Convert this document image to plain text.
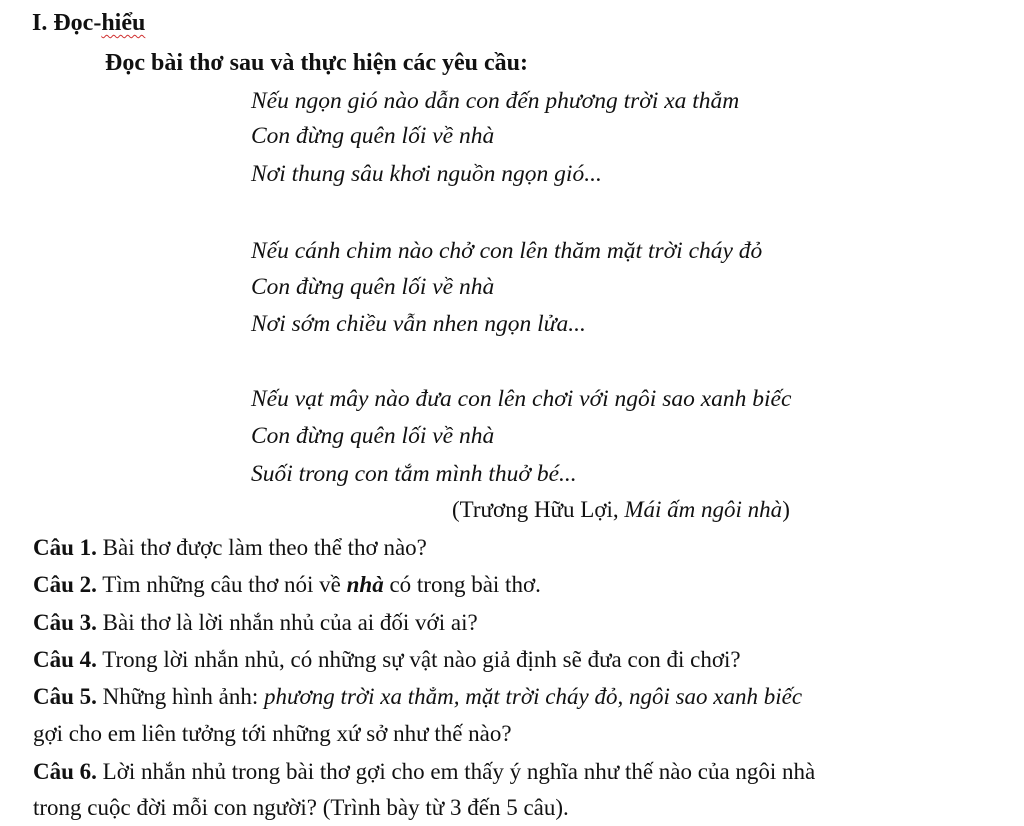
I. Đọc-hiểu
Đọc bài thơ sau và thực hiện các yêu cầu:
Nếu ngọn gió nào dẫn con đến phương trời xa thẳm
Con đừng quên lối về nhà
Nơi thung sâu khơi nguồn ngọn gió...
Nếu cánh chim nào chở con lên thăm mặt trời cháy đỏ
Con đừng quên lối về nhà
Nơi sớm chiều vẫn nhen ngọn lửa...
Nếu vạt mây nào đưa con lên chơi với ngôi sao xanh biếc
Con đừng quên lối về nhà
Suối trong con tắm mình thuở bé...
(Trương Hữu Lợi, Mái ấm ngôi nhà)
Câu 1. Bài thơ được làm theo thể thơ nào?
Câu 2. Tìm những câu thơ nói về nhà có trong bài thơ.
Câu 3. Bài thơ là lời nhắn nhủ của ai đối với ai?
Câu 4. Trong lời nhắn nhủ, có những sự vật nào giả định sẽ đưa con đi chơi?
Câu 5. Những hình ảnh: phương trời xa thẳm, mặt trời cháy đỏ, ngôi sao xanh biếc
gợi cho em liên tưởng tới những xứ sở như thế nào?
Câu 6. Lời nhắn nhủ trong bài thơ gợi cho em thấy ý nghĩa như thế nào của ngôi nhà
trong cuộc đời mỗi con người? (Trình bày từ 3 đến 5 câu).
